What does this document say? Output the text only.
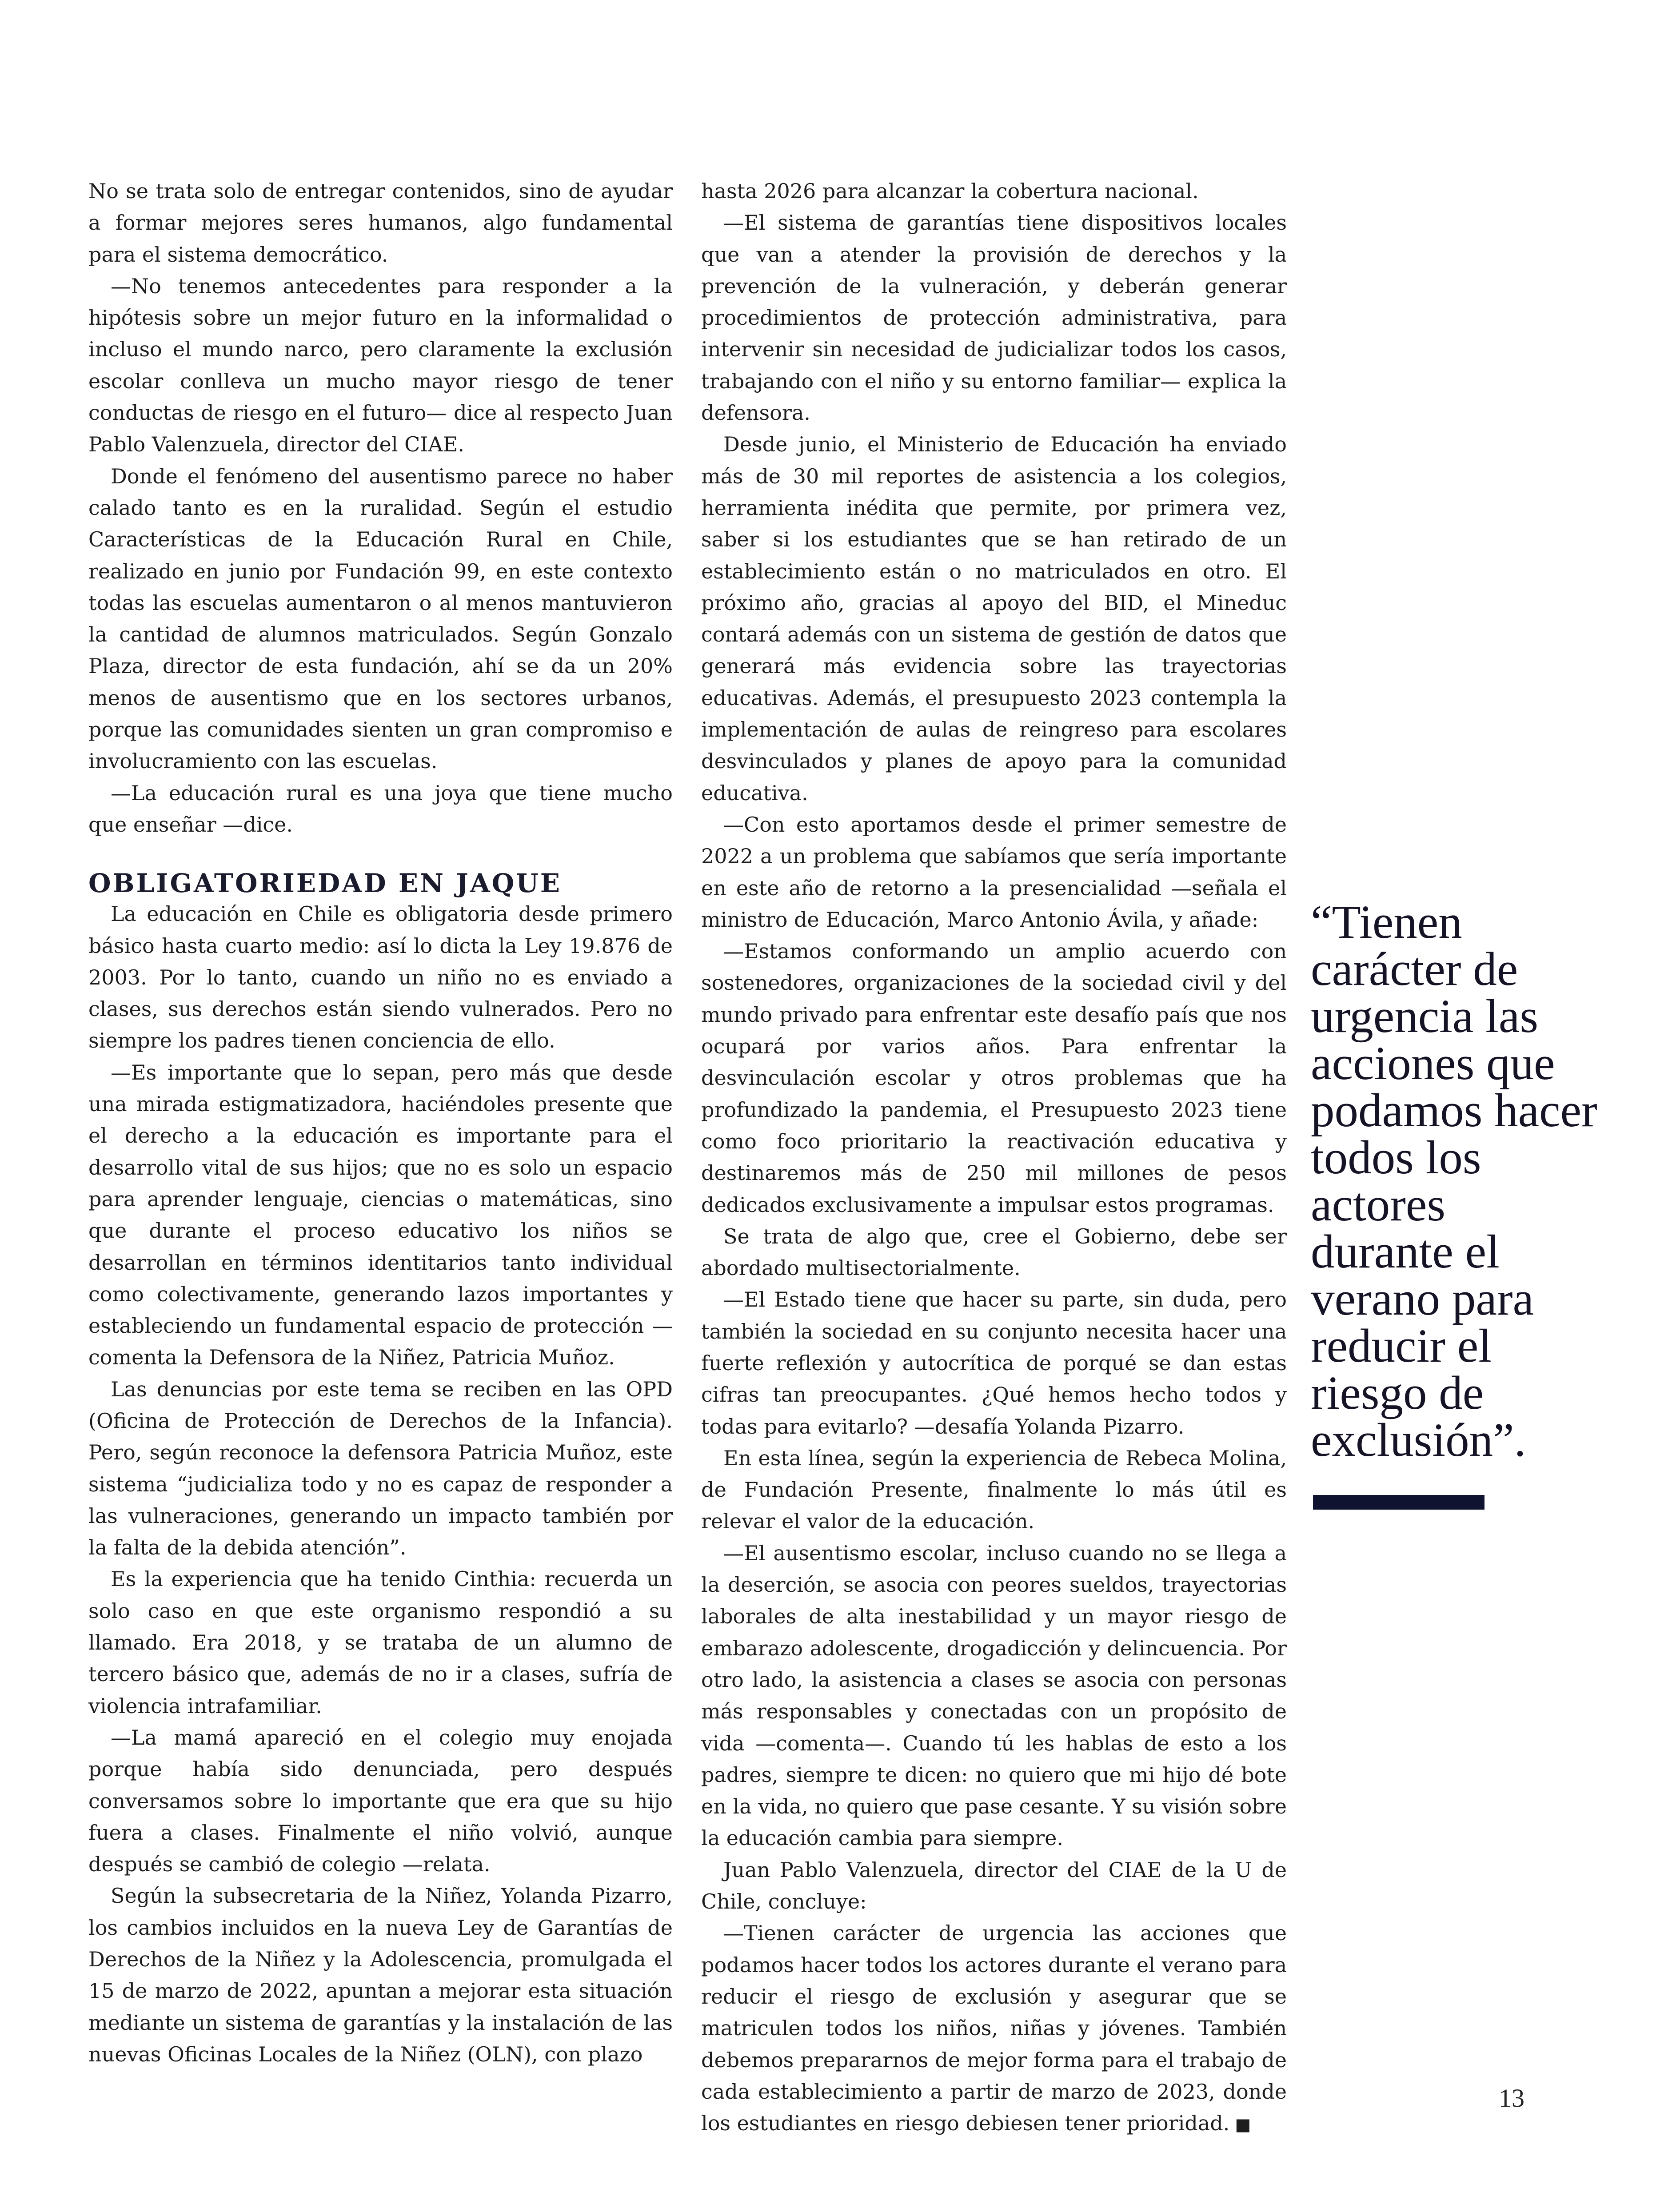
No se trata solo de entregar contenidos, sino de ayudar a formar mejores seres humanos, algo fundamental para el sistema democrático.

—No tenemos antecedentes para responder a la hipótesis sobre un mejor futuro en la informalidad o incluso el mundo narco, pero claramente la exclusión escolar conlleva un mucho mayor riesgo de tener conductas de riesgo en el futuro— dice al respecto Juan Pablo Valenzuela, director del CIAE.

Donde el fenómeno del ausentismo parece no haber calado tanto es en la ruralidad. Según el estudio Características de la Educación Rural en Chile, realizado en junio por Fundación 99, en este contexto todas las escuelas aumentaron o al menos mantuvieron la cantidad de alumnos matriculados. Según Gonzalo Plaza, director de esta fundación, ahí se da un 20% menos de ausentismo que en los sectores urbanos, porque las comunidades sienten un gran compromiso e involucramiento con las escuelas.

—La educación rural es una joya que tiene mucho que enseñar —dice.

OBLIGATORIEDAD EN JAQUE

La educación en Chile es obligatoria desde primero básico hasta cuarto medio: así lo dicta la Ley 19.876 de 2003. Por lo tanto, cuando un niño no es enviado a clases, sus derechos están siendo vulnerados. Pero no siempre los padres tienen conciencia de ello.

—Es importante que lo sepan, pero más que desde una mirada estigmatizadora, haciéndoles presente que el derecho a la educación es importante para el desarrollo vital de sus hijos; que no es solo un espacio para aprender lenguaje, ciencias o matemáticas, sino que durante el proceso educativo los niños se desarrollan en términos identitarios tanto individual como colectivamente, generando lazos importantes y estableciendo un fundamental espacio de protección —comenta la Defensora de la Niñez, Patricia Muñoz.

Las denuncias por este tema se reciben en las OPD (Oficina de Protección de Derechos de la Infancia). Pero, según reconoce la defensora Patricia Muñoz, este sistema “judicializa todo y no es capaz de responder a las vulneraciones, generando un impacto también por la falta de la debida atención”.

Es la experiencia que ha tenido Cinthia: recuerda un solo caso en que este organismo respondió a su llamado. Era 2018, y se trataba de un alumno de tercero básico que, además de no ir a clases, sufría de violencia intrafamiliar.

—La mamá apareció en el colegio muy enojada porque había sido denunciada, pero después conversamos sobre lo importante que era que su hijo fuera a clases. Finalmente el niño volvió, aunque después se cambió de colegio —relata.

Según la subsecretaria de la Niñez, Yolanda Pizarro, los cambios incluidos en la nueva Ley de Garantías de Derechos de la Niñez y la Adolescencia, promulgada el 15 de marzo de 2022, apuntan a mejorar esta situación mediante un sistema de garantías y la instalación de las nuevas Oficinas Locales de la Niñez (OLN), con plazo

hasta 2026 para alcanzar la cobertura nacional.

—El sistema de garantías tiene dispositivos locales que van a atender la provisión de derechos y la prevención de la vulneración, y deberán generar procedimientos de protección administrativa, para intervenir sin necesidad de judicializar todos los casos, trabajando con el niño y su entorno familiar— explica la defensora.

Desde junio, el Ministerio de Educación ha enviado más de 30 mil reportes de asistencia a los colegios, herramienta inédita que permite, por primera vez, saber si los estudiantes que se han retirado de un establecimiento están o no matriculados en otro. El próximo año, gracias al apoyo del BID, el Mineduc contará además con un sistema de gestión de datos que generará más evidencia sobre las trayectorias educativas. Además, el presupuesto 2023 contempla la implementación de aulas de reingreso para escolares desvinculados y planes de apoyo para la comunidad educativa.

—Con esto aportamos desde el primer semestre de 2022 a un problema que sabíamos que sería importante en este año de retorno a la presencialidad —señala el ministro de Educación, Marco Antonio Ávila, y añade:

—Estamos conformando un amplio acuerdo con sostenedores, organizaciones de la sociedad civil y del mundo privado para enfrentar este desafío país que nos ocupará por varios años. Para enfrentar la desvinculación escolar y otros problemas que ha profundizado la pandemia, el Presupuesto 2023 tiene como foco prioritario la reactivación educativa y destinaremos más de 250 mil millones de pesos dedicados exclusivamente a impulsar estos programas.

Se trata de algo que, cree el Gobierno, debe ser abordado multisectorialmente.

—El Estado tiene que hacer su parte, sin duda, pero también la sociedad en su conjunto necesita hacer una fuerte reflexión y autocrítica de porqué se dan estas cifras tan preocupantes. ¿Qué hemos hecho todos y todas para evitarlo? —desafía Yolanda Pizarro.

En esta línea, según la experiencia de Rebeca Molina, de Fundación Presente, finalmente lo más útil es relevar el valor de la educación.

—El ausentismo escolar, incluso cuando no se llega a la deserción, se asocia con peores sueldos, trayectorias laborales de alta inestabilidad y un mayor riesgo de embarazo adolescente, drogadicción y delincuencia. Por otro lado, la asistencia a clases se asocia con personas más responsables y conectadas con un propósito de vida —comenta—. Cuando tú les hablas de esto a los padres, siempre te dicen: no quiero que mi hijo dé bote en la vida, no quiero que pase cesante. Y su visión sobre la educación cambia para siempre.

Juan Pablo Valenzuela, director del CIAE de la U de Chile, concluye:

—Tienen carácter de urgencia las acciones que podamos hacer todos los actores durante el verano para reducir el riesgo de exclusión y asegurar que se matriculen todos los niños, niñas y jóvenes. También debemos prepararnos de mejor forma para el trabajo de cada establecimiento a partir de marzo de 2023, donde los estudiantes en riesgo debiesen tener prioridad. ■

“Tienen carácter de urgencia las acciones que podamos hacer todos los actores durante el verano para reducir el riesgo de exclusión”.

13
